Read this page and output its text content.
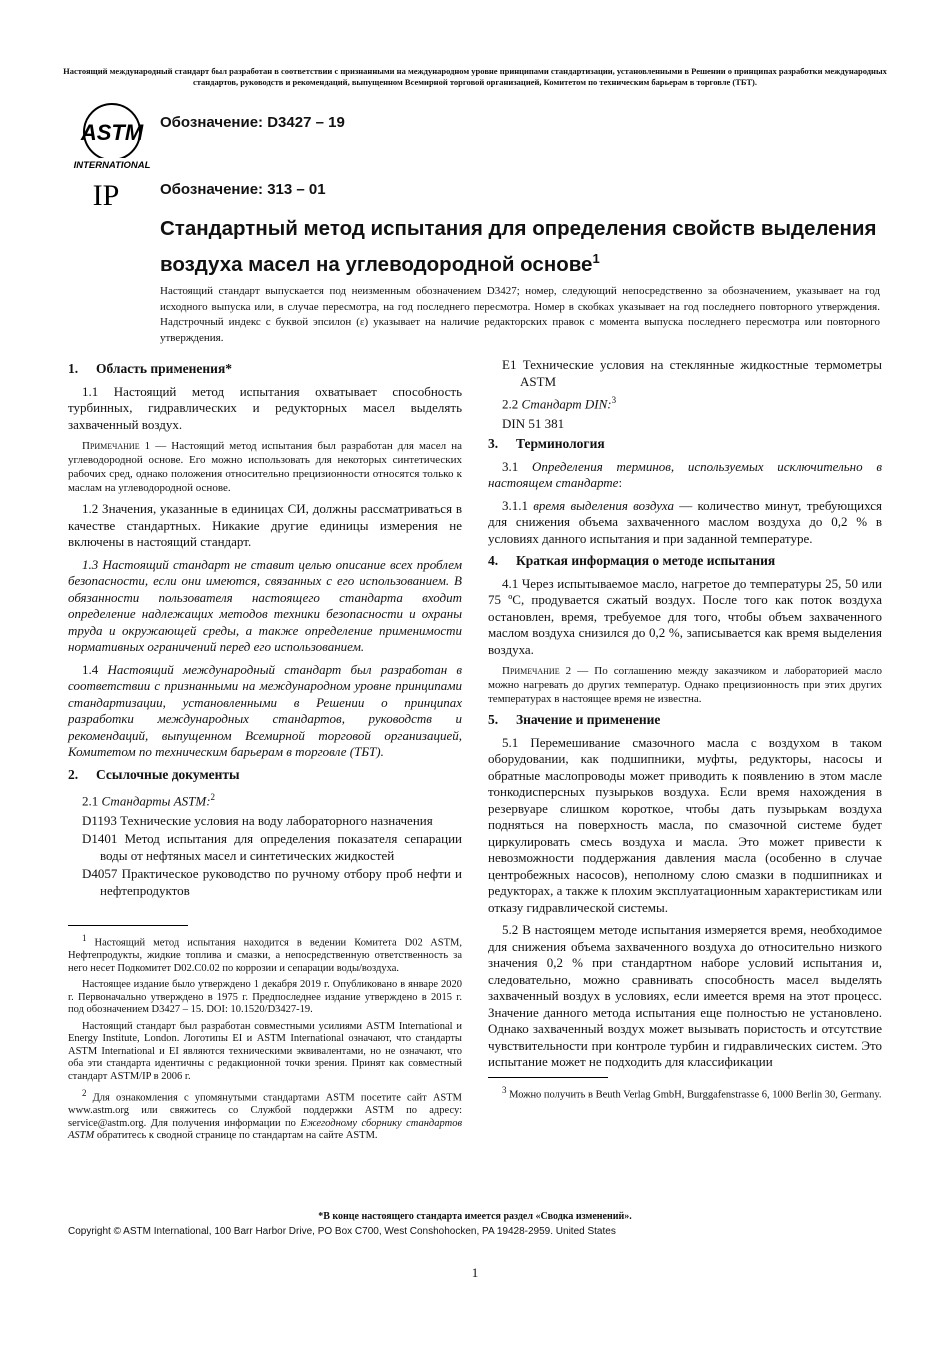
Настоящий международный стандарт был разработан в соответствии с признанными на международном уровне принципами стандартизации, установленными в Решении о принципах разработки международных стандартов, руководств и рекомендаций, выпущенном Всемирной торговой организацией, Комитетом по техническим барьерам в торговле (ТБТ).
ASTM
INTERNATIONAL
IP
Обозначение: D3427 – 19
Обозначение: 313 – 01
Стандартный метод испытания для определения свойств выделения воздуха масел на углеводородной основе$^1$
Настоящий стандарт выпускается под неизменным обозначением D3427; номер, следующий непосредственно за обозначением, указывает на год исходного выпуска или, в случае пересмотра, на год последнего пересмотра. Номер в скобках указывает на год последнего повторного утверждения. Надстрочный индекс с буквой эпсилон (ε) указывает на наличие редакторских правок с момента выпуска последнего пересмотра или повторного утверждения.
1. Область применения*
1.1 Настоящий метод испытания охватывает способность турбинных, гидравлических и редукторных масел выделять захваченный воздух.
Примечание 1 — Настоящий метод испытания был разработан для масел на углеводородной основе. Его можно использовать для некоторых синтетических рабочих сред, однако положения относительно прецизионности относятся только к маслам на углеводородной основе.
1.2 Значения, указанные в единицах СИ, должны рассматриваться в качестве стандартных. Никакие другие единицы измерения не включены в настоящий стандарт.
1.3 Настоящий стандарт не ставит целью описание всех проблем безопасности, если они имеются, связанных с его использованием. В обязанности пользователя настоящего стандарта входит определение надлежащих методов техники безопасности и охраны труда и окружающей среды, а также определение применимости нормативных ограничений перед его использованием.
1.4 Настоящий международный стандарт был разработан в соответствии с признанными на международном уровне принципами стандартизации, установленными в Решении о принципах разработки международных стандартов, руководств и рекомендаций, выпущенном Всемирной торговой организацией, Комитетом по техническим барьерам в торговле (ТБТ).
2. Ссылочные документы
2.1 Стандарты ASTM:$^2$
D1193 Технические условия на воду лабораторного назначения
D1401 Метод испытания для определения показателя сепарации воды от нефтяных масел и синтетических жидкостей
D4057 Практическое руководство по ручному отбору проб нефти и нефтепродуктов
$^1$ Настоящий метод испытания находится в ведении Комитета D02 ASTM, Нефтепродукты, жидкие топлива и смазки, а непосредственную ответственность за него несет Подкомитет D02.C0.02 по коррозии и сепарации воды/воздуха.
Настоящее издание было утверждено 1 декабря 2019 г. Опубликовано в январе 2020 г. Первоначально утверждено в 1975 г. Предпоследнее издание утверждено в 2015 г. под обозначением D3427 – 15. DOI: 10.1520/D3427-19.
Настоящий стандарт был разработан совместными усилиями ASTM International и Energy Institute, London. Логотипы EI и ASTM International означают, что стандарты ASTM International и EI являются техническими эквивалентами, но не означают, что оба эти стандарта идентичны с редакционной точки зрения. Принят как совместный стандарт ASTM/IP в 2006 г.
$^2$ Для ознакомления с упомянутыми стандартами ASTM посетите сайт ASTM www.astm.org или свяжитесь со Службой поддержки ASTM по адресу: service@astm.org. Для получения информации по Ежегодному сборнику стандартов ASTM обратитесь к сводной странице по стандартам на сайте ASTM.
E1 Технические условия на стеклянные жидкостные термометры ASTM
2.2 Стандарт DIN:$^3$
DIN 51 381
3. Терминология
3.1 Определения терминов, используемых исключительно в настоящем стандарте:
3.1.1 время выделения воздуха — количество минут, требующихся для снижения объема захваченного маслом воздуха до 0,2 % в условиях данного испытания и при заданной температуре.
4. Краткая информация о методе испытания
4.1 Через испытываемое масло, нагретое до температуры 25, 50 или 75 ºС, продувается сжатый воздух. После того как поток воздуха остановлен, время, требуемое для того, чтобы объем захваченного маслом воздуха снизился до 0,2 %, записывается как время выделения воздуха.
Примечание 2 — По соглашению между заказчиком и лабораторией масло можно нагревать до других температур. Однако прецизионность при этих других температурах в настоящее время не известна.
5. Значение и применение
5.1 Перемешивание смазочного масла с воздухом в таком оборудовании, как подшипники, муфты, редукторы, насосы и обратные маслопроводы может приводить к появлению в этом масле тонкодисперсных пузырьков воздуха. Если время нахождения в резервуаре слишком короткое, чтобы дать пузырькам воздуха подняться на поверхность масла, по смазочной системе будет циркулировать смесь воздуха и масла. Это может привести к невозможности поддержания давления масла (особенно в случае центробежных насосов), неполному слою смазки в подшипниках и редукторах, а также к плохим эксплуатационным характеристикам или отказу гидравлической системы.
5.2 В настоящем методе испытания измеряется время, необходимое для снижения объема захваченного воздуха до относительно низкого значения 0,2 % при стандартном наборе условий испытания и, следовательно, можно сравнивать способность масел выделять захваченный воздух в условиях, если имеется время на этот процесс. Значение данного метода испытания еще полностью не установлено. Однако захваченный воздух может вызывать пористость и отсутствие чувствительности при контроле турбин и гидравлических систем. Это испытание может не подходить для классификации
$^3$ Можно получить в Beuth Verlag GmbH, Burggafenstrasse 6, 1000 Berlin 30, Germany.
*В конце настоящего стандарта имеется раздел «Сводка изменений».
Copyright © ASTM International, 100 Barr Harbor Drive, PO Box C700, West Conshohocken, PA 19428-2959. United States
1
